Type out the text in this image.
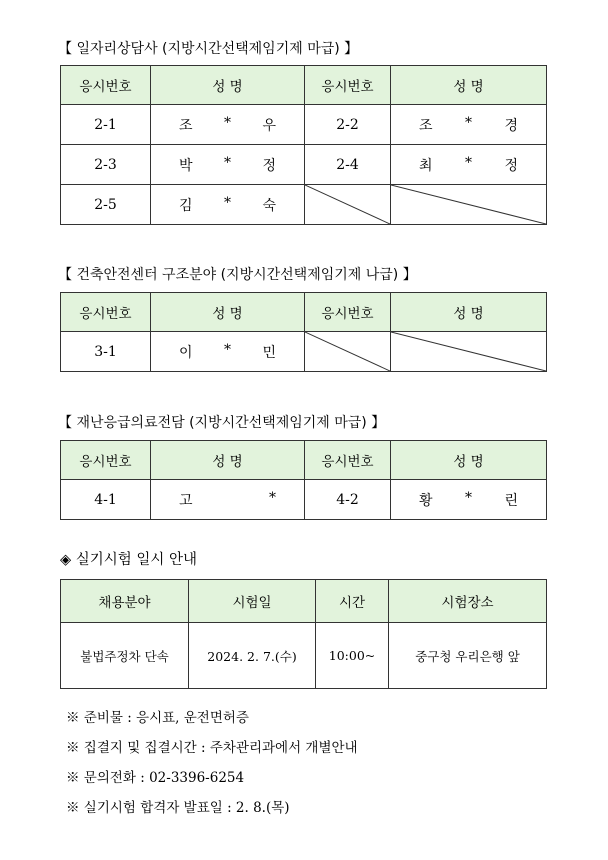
【 일자리상담사 (지방시간선택제임기제 마급) 】
응시번호	성 명	응시번호	성 명
2-1	조 * 우	2-2	조 * 경

2-3	박 * 정	2-4	최 * 정

2-5	김 * 숙

【 건축안전센터 구조분야 (지방시간선택제임기제 나급) 】
응시번호	성 명	응시번호	성 명
3-1	이 * 민

【 재난응급의료전담 (지방시간선택제임기제 마급) 】
응시번호	성 명	응시번호	성 명
4-1	고 *	4-2	황 * 린
◈ 실기시험 일시 안내
채용분야	시험일	시간	시험장소
불법주정차 단속	2024. 2. 7.(수)	10:00~	중구청 우리은행 앞
※ 준비물 : 응시표, 운전면허증
※ 집결지 및 집결시간 : 주차관리과에서 개별안내
※ 문의전화 : 02-3396-6254
※ 실기시험 합격자 발표일 : 2. 8.(목)
